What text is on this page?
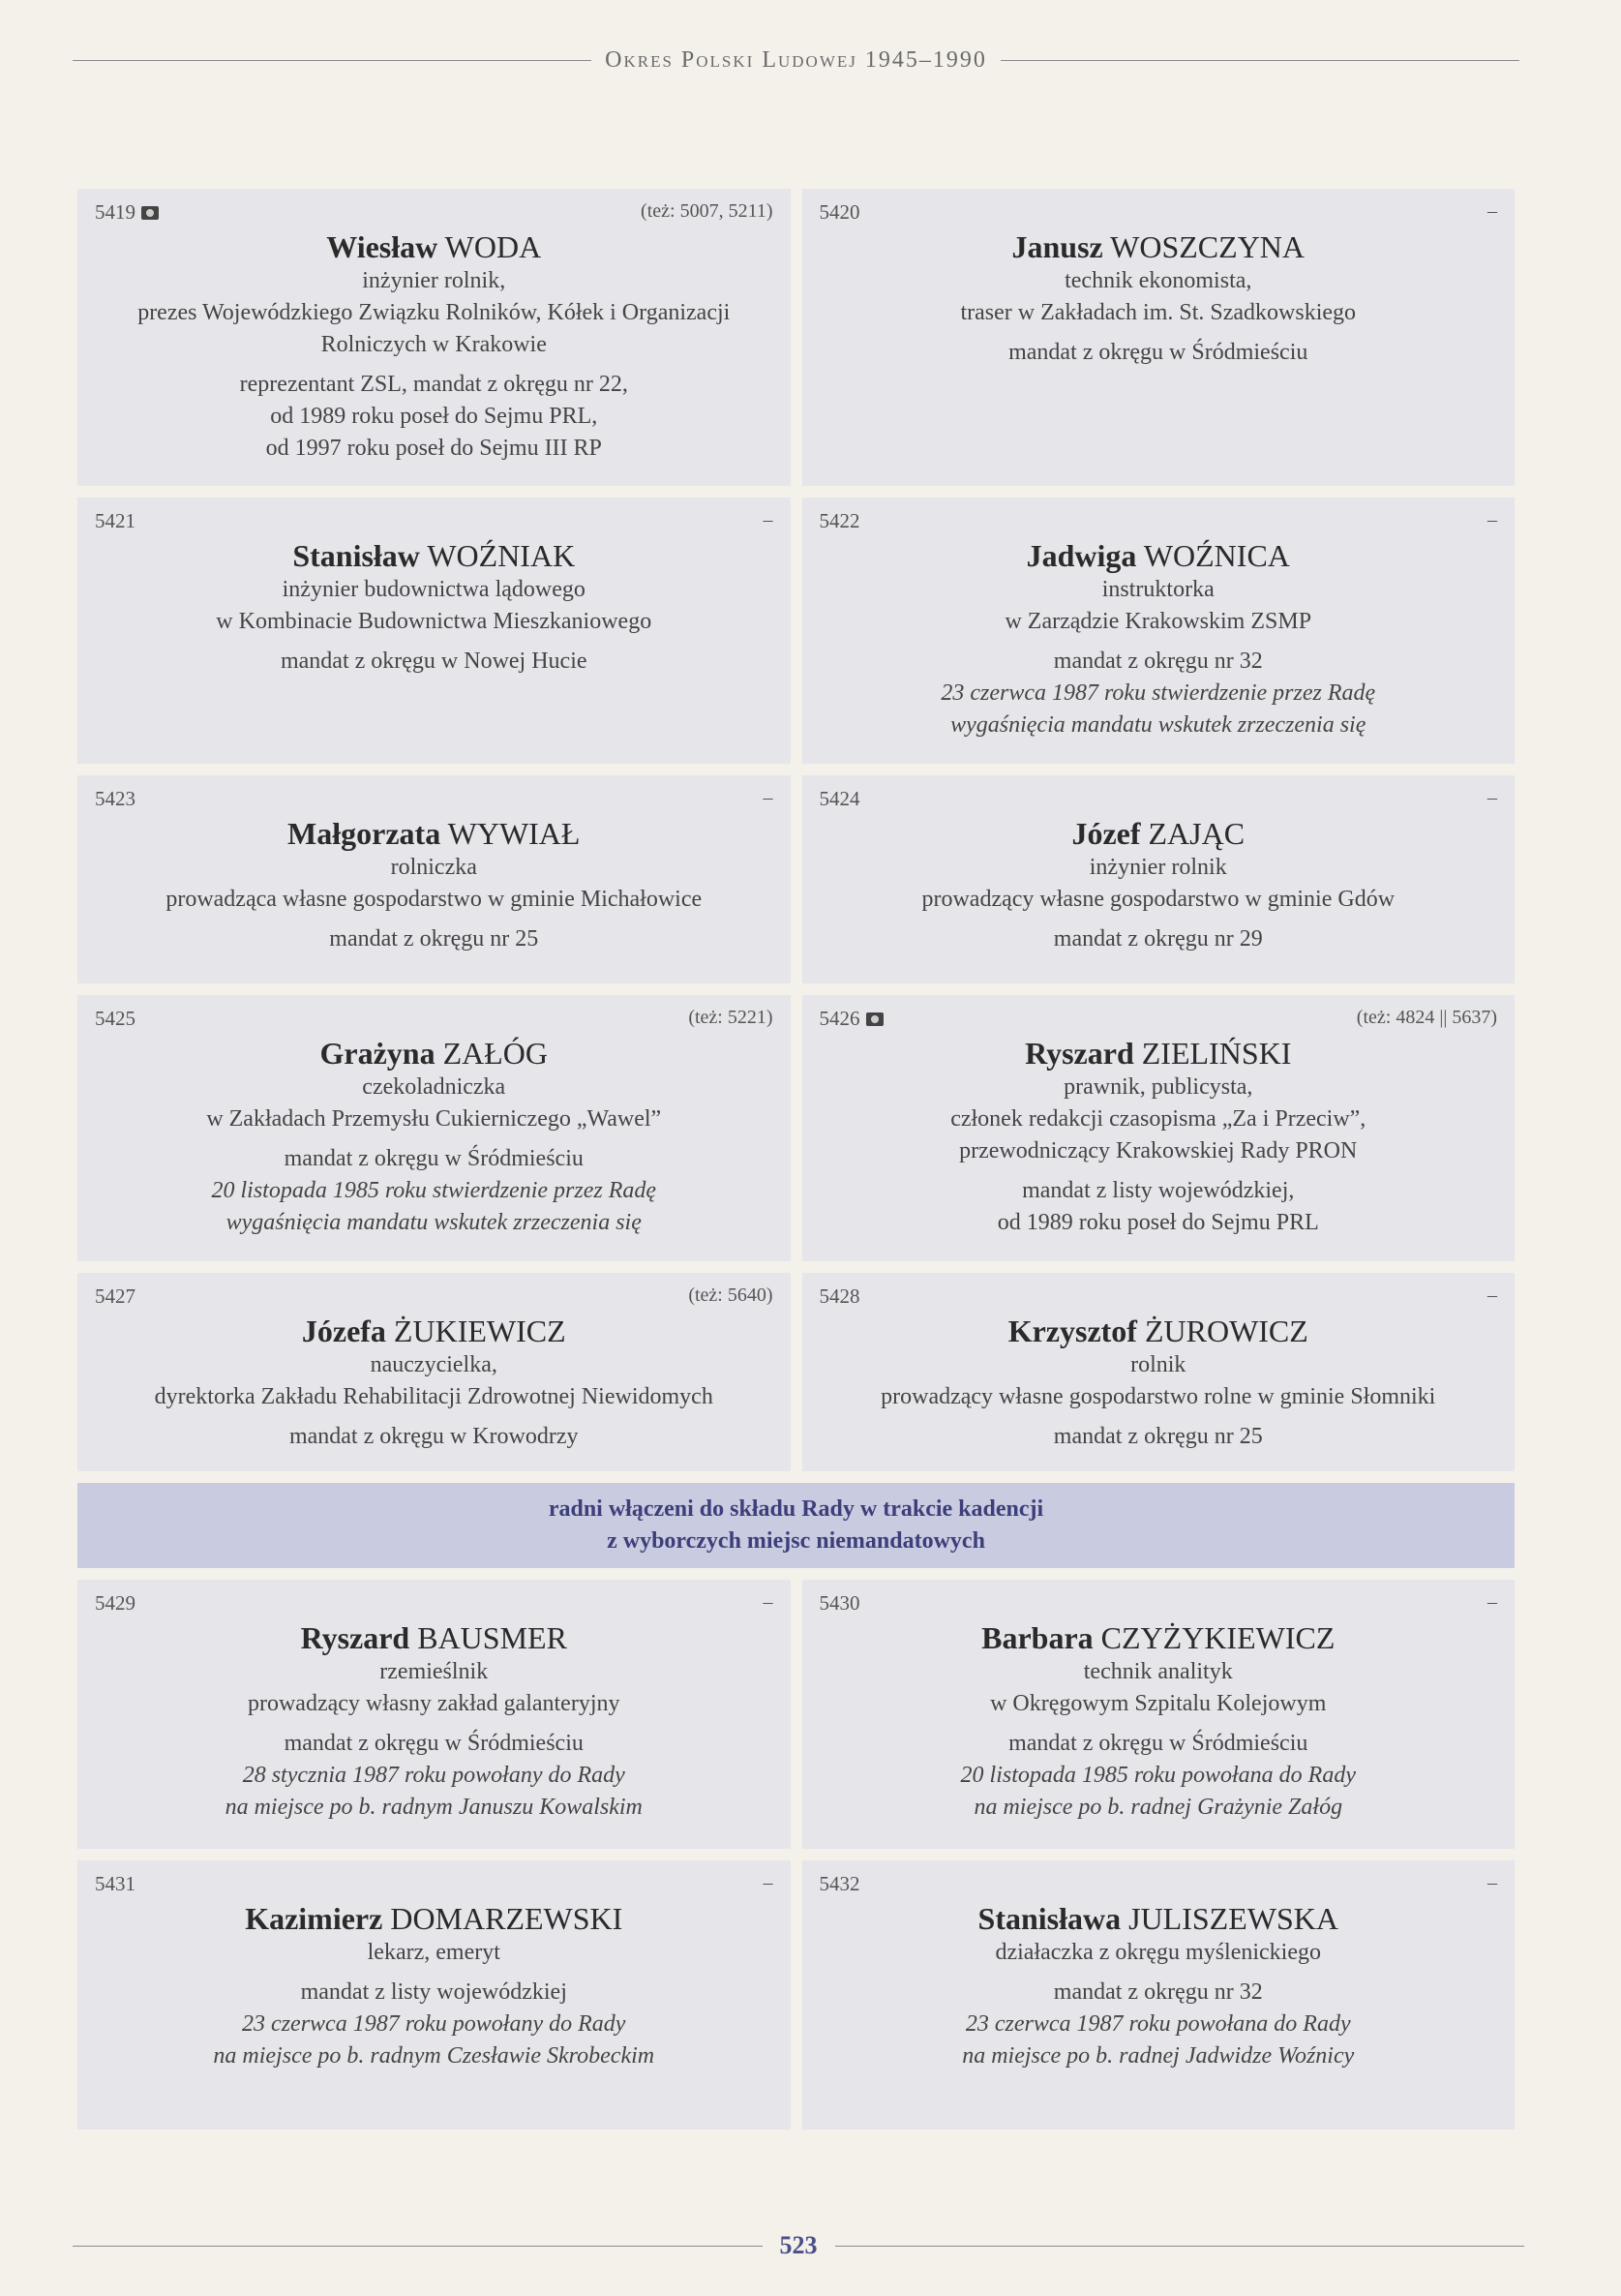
Okres Polski Ludowej 1945–1990
5419	(też: 5007, 5211)
Wiesław WODA
inżynier rolnik,
prezes Wojewódzkiego Związku Rolników, Kółek i Organizacji
Rolniczych w Krakowie
reprezentant ZSL, mandat z okręgu nr 22,
od 1989 roku poseł do Sejmu PRL,
od 1997 roku poseł do Sejmu III RP
5420	–
Janusz WOSZCZYNA
technik ekonomista,
traser w Zakładach im. St. Szadkowskiego
mandat z okręgu w Śródmieściu
5421	–
Stanisław WOŹNIAK
inżynier budownictwa lądowego
w Kombinacie Budownictwa Mieszkaniowego
mandat z okręgu w Nowej Hucie
5422	–
Jadwiga WOŹNICA
instruktorka
w Zarządzie Krakowskim ZSMP
mandat z okręgu nr 32
23 czerwca 1987 roku stwierdzenie przez Radę
wygaśnięcia mandatu wskutek zrzeczenia się
5423	–
Małgorzata WYWIAŁ
rolniczka
prowadząca własne gospodarstwo w gminie Michałowice
mandat z okręgu nr 25
5424	–
Józef ZAJĄC
inżynier rolnik
prowadzący własne gospodarstwo w gminie Gdów
mandat z okręgu nr 29
5425	(też: 5221)
Grażyna ZAŁÓG
czekoladniczka
w Zakładach Przemysłu Cukierniczego „Wawel”
mandat z okręgu w Śródmieściu
20 listopada 1985 roku stwierdzenie przez Radę
wygaśnięcia mandatu wskutek zrzeczenia się
5426	(też: 4824 || 5637)
Ryszard ZIELIŃSKI
prawnik, publicysta,
członek redakcji czasopisma „Za i Przeciw”,
przewodniczący Krakowskiej Rady PRON
mandat z listy wojewódzkiej,
od 1989 roku poseł do Sejmu PRL
5427	(też: 5640)
Józefa ŻUKIEWICZ
nauczycielka,
dyrektorka Zakładu Rehabilitacji Zdrowotnej Niewidomych
mandat z okręgu w Krowodrzy
5428	–
Krzysztof ŻUROWICZ
rolnik
prowadzący własne gospodarstwo rolne w gminie Słomniki
mandat z okręgu nr 25
radni włączeni do składu Rady w trakcie kadencji
z wyborczych miejsc niemandatowych
5429	–
Ryszard BAUSMER
rzemieślnik
prowadzący własny zakład galanteryjny
mandat z okręgu w Śródmieściu
28 stycznia 1987 roku powołany do Rady
na miejsce po b. radnym Januszu Kowalskim
5430	–
Barbara CZYŻYKIEWICZ
technik analityk
w Okręgowym Szpitalu Kolejowym
mandat z okręgu w Śródmieściu
20 listopada 1985 roku powołana do Rady
na miejsce po b. radnej Grażynie Załóg
5431	–
Kazimierz DOMARZEWSKI
lekarz, emeryt
mandat z listy wojewódzkiej
23 czerwca 1987 roku powołany do Rady
na miejsce po b. radnym Czesławie Skrobeckim
5432	–
Stanisława JULISZEWSKA
działaczka z okręgu myślenickiego
mandat z okręgu nr 32
23 czerwca 1987 roku powołana do Rady
na miejsce po b. radnej Jadwidze Woźnicy
523
